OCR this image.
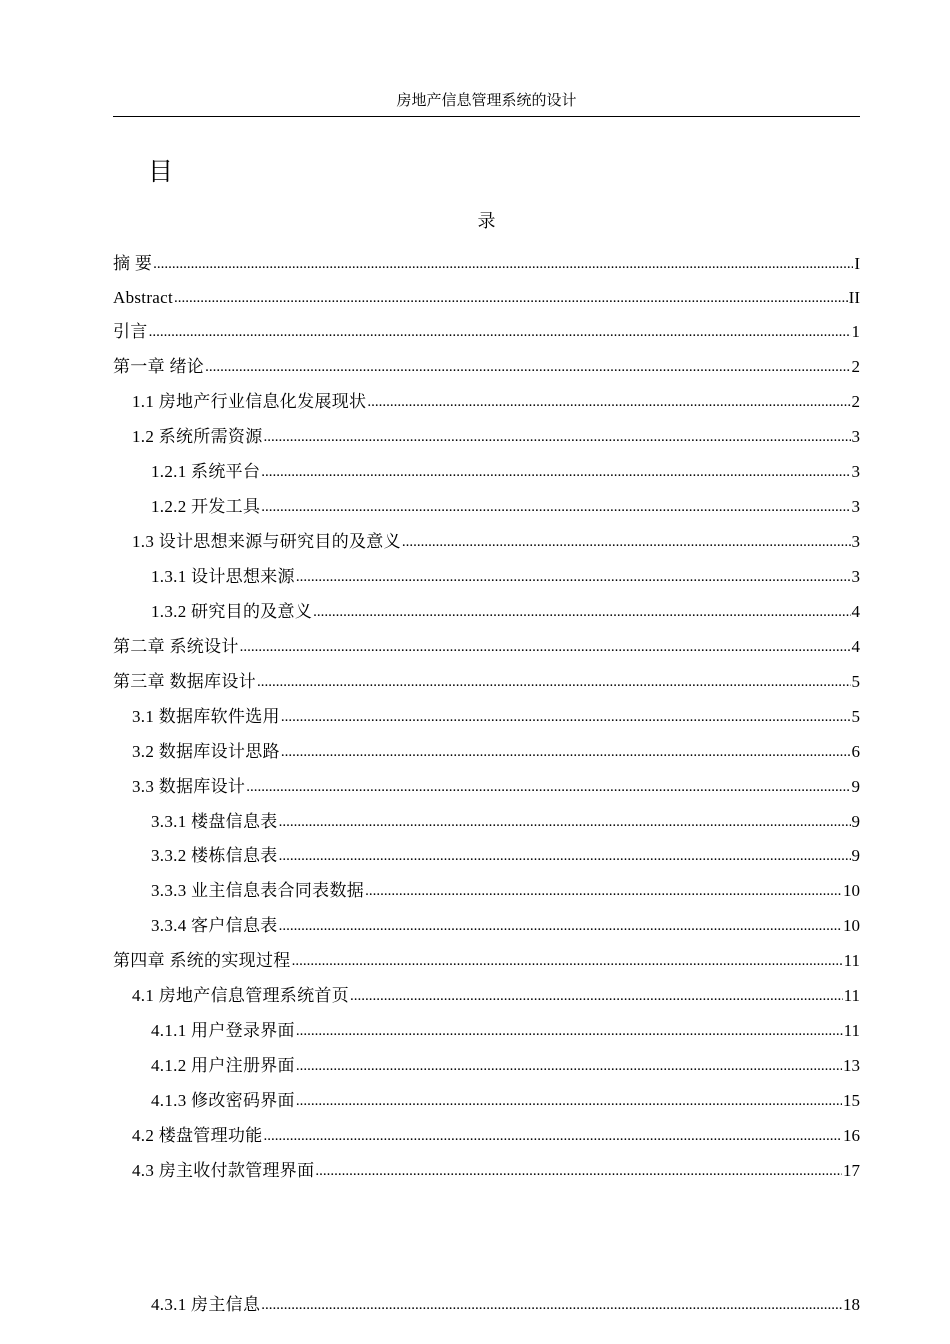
房地产信息管理系统的设计
目
录
摘 要 .....	I
Abstract .....	II
引言 .....	1
第一章 绪论 .....	2
1.1 房地产行业信息化发展现状 .....	2
1.2 系统所需资源 .....	3
1.2.1 系统平台 .....	3
1.2.2 开发工具 .....	3
1.3 设计思想来源与研究目的及意义 .....	3
1.3.1 设计思想来源 .....	3
1.3.2 研究目的及意义 .....	4
第二章 系统设计 .....	4
第三章 数据库设计 .....	5
3.1 数据库软件选用 .....	5
3.2 数据库设计思路 .....	6
3.3 数据库设计 .....	9
3.3.1 楼盘信息表 .....	9
3.3.2 楼栋信息表 .....	9
3.3.3 业主信息表合同表数据 .....	10
3.3.4 客户信息表 .....	10
第四章 系统的实现过程 .....	11
4.1 房地产信息管理系统首页 .....	11
4.1.1 用户登录界面 .....	11
4.1.2 用户注册界面 .....	13
4.1.3 修改密码界面 .....	15
4.2 楼盘管理功能 .....	16
4.3 房主收付款管理界面 .....	17
4.3.1 房主信息 .....	18
